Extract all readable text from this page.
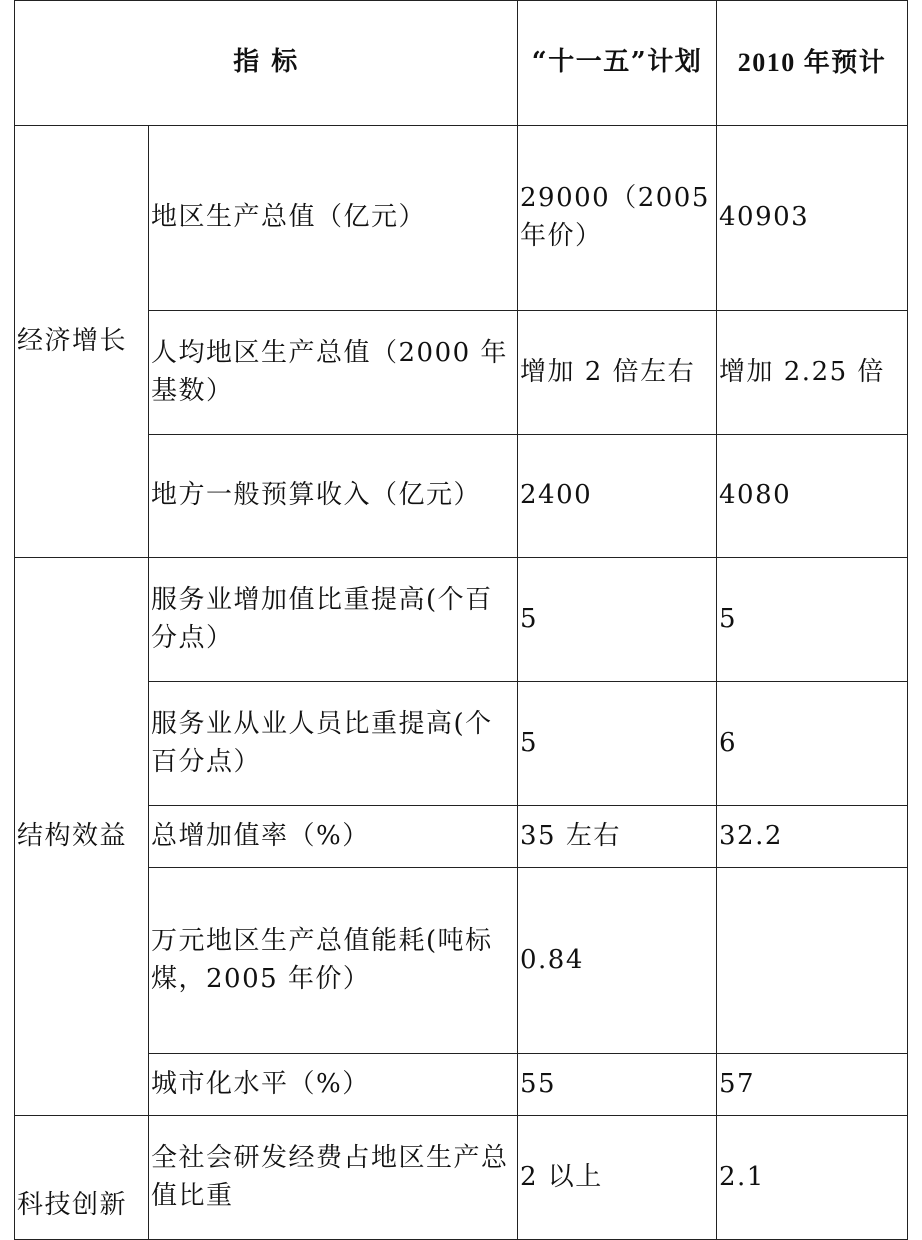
指 标		“十一五”计划	2010 年预计
经济增长	地区生产总值（亿元）	29000（2005 年价）	40903
	人均地区生产总值（2000 年基数）	增加 2 倍左右	增加 2.25 倍
	地方一般预算收入（亿元）	2400	4080
结构效益	服务业增加值比重提高(个百分点）	5	5
	服务业从业人员比重提高(个百分点）	5	6
	总增加值率（%）	35 左右	32.2
	万元地区生产总值能耗(吨标煤，2005 年价）	0.84	
	城市化水平（%）	55	57
科技创新	全社会研发经费占地区生产总值比重	2 以上	2.1
